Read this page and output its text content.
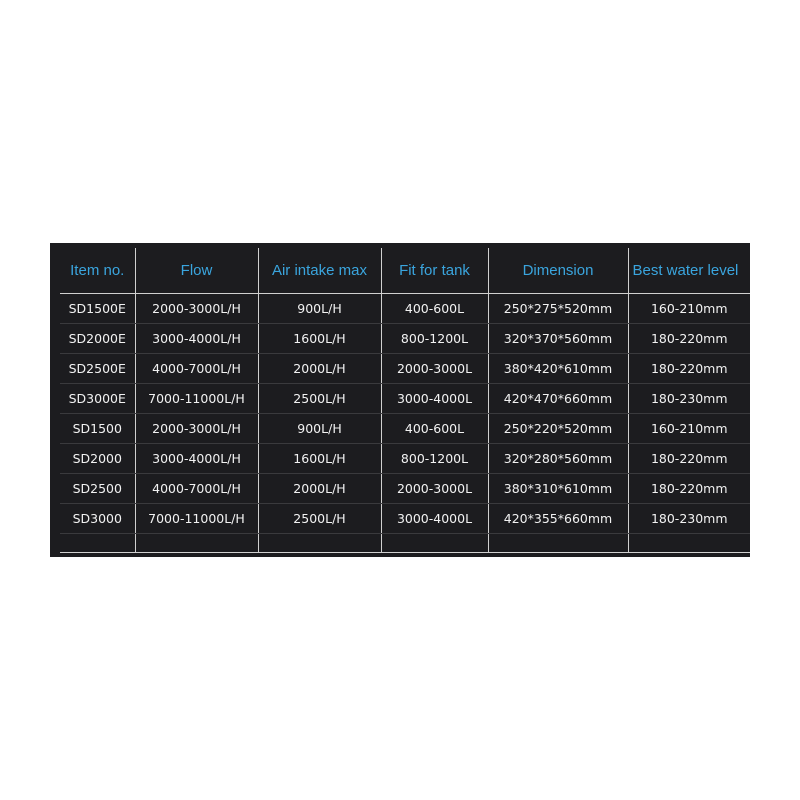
Item no.	Flow	Air intake max	Fit for tank	Dimension	Best water level
SD1500E	2000-3000L/H	900L/H	400-600L	250*275*520mm	160-210mm
SD2000E	3000-4000L/H	1600L/H	800-1200L	320*370*560mm	180-220mm
SD2500E	4000-7000L/H	2000L/H	2000-3000L	380*420*610mm	180-220mm
SD3000E	7000-11000L/H	2500L/H	3000-4000L	420*470*660mm	180-230mm
SD1500	2000-3000L/H	900L/H	400-600L	250*220*520mm	160-210mm
SD2000	3000-4000L/H	1600L/H	800-1200L	320*280*560mm	180-220mm
SD2500	4000-7000L/H	2000L/H	2000-3000L	380*310*610mm	180-220mm
SD3000	7000-11000L/H	2500L/H	3000-4000L	420*355*660mm	180-230mm
